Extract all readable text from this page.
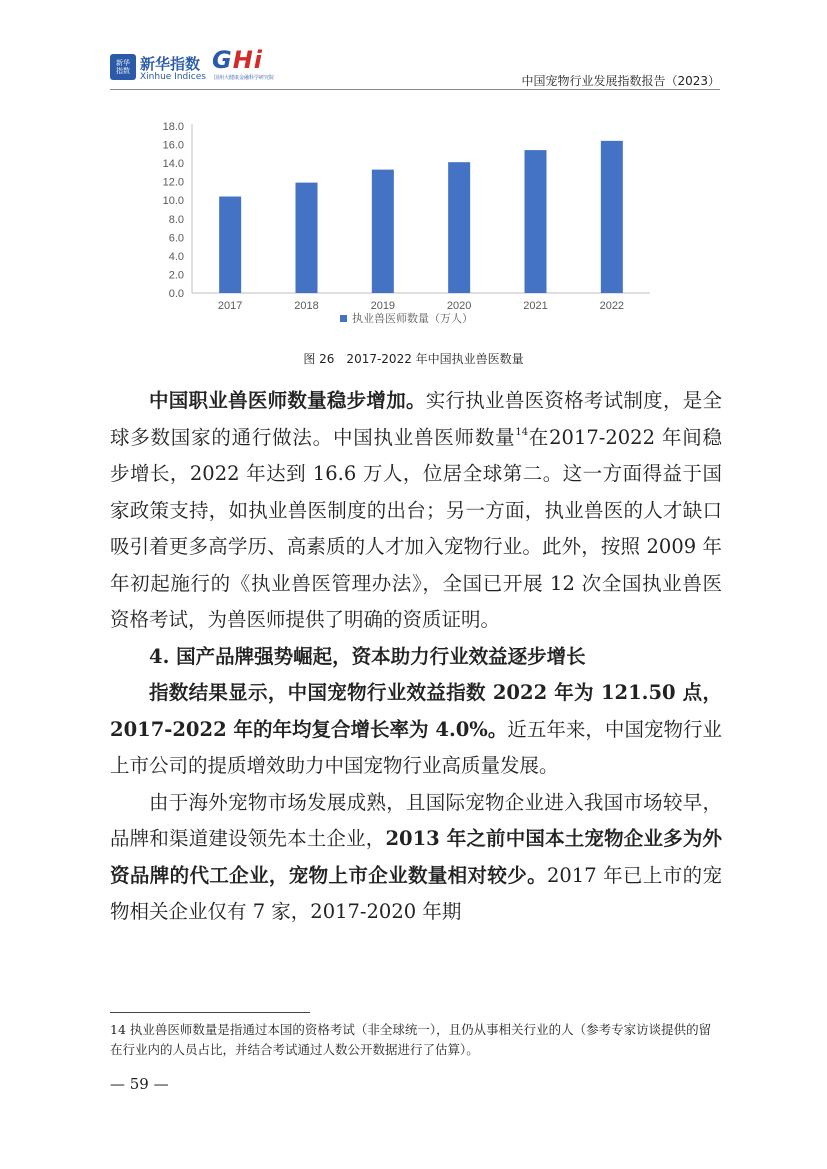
新华
指数 新华指数
Xinhue Indices
GHi
国州大健康金融科学研究院	中国宠物行业发展指数报告（2023）
0.0
2.0
4.0
6.0
8.0
10.0
12.0
14.0
16.0
18.0
2017	2018	2019	2020	2021	2022
执业兽医师数量（万人）
图 26　2017-2022 年中国执业兽医数量

中国职业兽医师数量稳步增加。实行执业兽医资格考试制度，是全球多数国家的通行做法。中国执业兽医师数量$^{14}$在2017-2022 年间稳步增长，2022 年达到 16.6 万人，位居全球第二。这一方面得益于国家政策支持，如执业兽医制度的出台；另一方面，执业兽医的人才缺口吸引着更多高学历、高素质的人才加入宠物行业。此外，按照 2009 年年初起施行的《执业兽医管理办法》，全国已开展 12 次全国执业兽医资格考试，为兽医师提供了明确的资质证明。

4. 国产品牌强势崛起，资本助力行业效益逐步增长

指数结果显示，中国宠物行业效益指数 2022 年为 121.50 点，2017-2022 年的年均复合增长率为 4.0%。近五年来，中国宠物行业上市公司的提质增效助力中国宠物行业高质量发展。

由于海外宠物市场发展成熟，且国际宠物企业进入我国市场较早，品牌和渠道建设领先本土企业，2013 年之前中国本土宠物企业多为外资品牌的代工企业，宠物上市企业数量相对较少。2017 年已上市的宠物相关企业仅有 7 家，2017-2020 年期

14 执业兽医师数量是指通过本国的资格考试（非全球统一），且仍从事相关行业的人（参考专家访谈提供的留在行业内的人员占比，并结合考试通过人数公开数据进行了估算）。
— 59 —
